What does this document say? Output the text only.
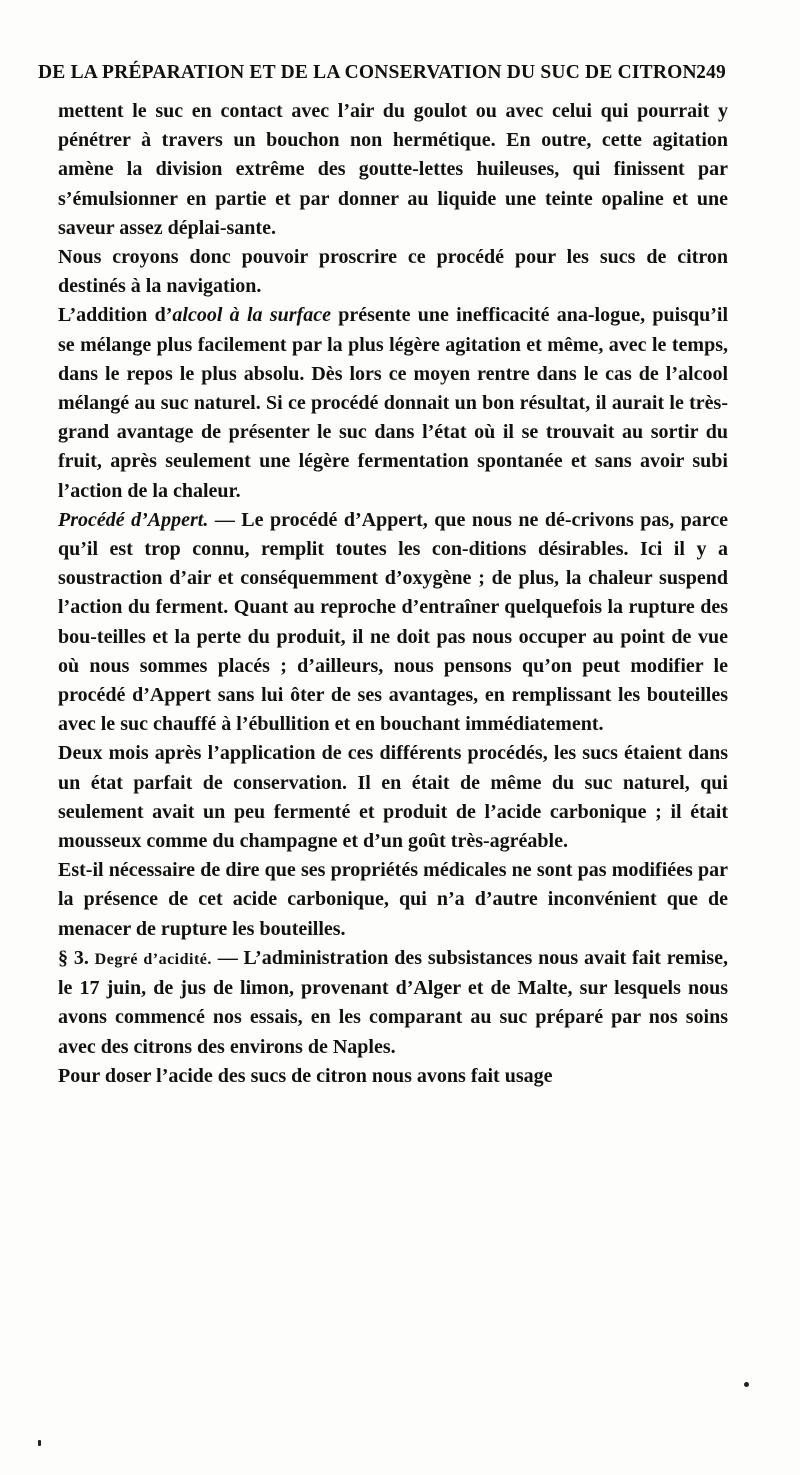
DE LA PRÉPARATION ET DE LA CONSERVATION DU SUC DE CITRON.
249

mettent le suc en contact avec l’air du goulot ou avec celui qui pourrait y pénétrer à travers un bouchon non hermétique. En outre, cette agitation amène la division extrême des goutte-lettes huileuses, qui finissent par s’émulsionner en partie et par donner au liquide une teinte opaline et une saveur assez déplai-sante.

Nous croyons donc pouvoir proscrire ce procédé pour les sucs de citron destinés à la navigation.

L’addition d’alcool à la surface présente une inefficacité ana-logue, puisqu’il se mélange plus facilement par la plus légère agitation et même, avec le temps, dans le repos le plus absolu. Dès lors ce moyen rentre dans le cas de l’alcool mélangé au suc naturel. Si ce procédé donnait un bon résultat, il aurait le très-grand avantage de présenter le suc dans l’état où il se trouvait au sortir du fruit, après seulement une légère fermentation spontanée et sans avoir subi l’action de la chaleur.

Procédé d’Appert. — Le procédé d’Appert, que nous ne dé-crivons pas, parce qu’il est trop connu, remplit toutes les con-ditions désirables. Ici il y a soustraction d’air et conséquemment d’oxygène ; de plus, la chaleur suspend l’action du ferment. Quant au reproche d’entraîner quelquefois la rupture des bou-teilles et la perte du produit, il ne doit pas nous occuper au point de vue où nous sommes placés ; d’ailleurs, nous pensons qu’on peut modifier le procédé d’Appert sans lui ôter de ses avantages, en remplissant les bouteilles avec le suc chauffé à l’ébullition et en bouchant immédiatement.

Deux mois après l’application de ces différents procédés, les sucs étaient dans un état parfait de conservation. Il en était de même du suc naturel, qui seulement avait un peu fermenté et produit de l’acide carbonique ; il était mousseux comme du champagne et d’un goût très-agréable.

Est-il nécessaire de dire que ses propriétés médicales ne sont pas modifiées par la présence de cet acide carbonique, qui n’a d’autre inconvénient que de menacer de rupture les bouteilles.

§ 3. Degré d’acidité. — L’administration des subsistances nous avait fait remise, le 17 juin, de jus de limon, provenant d’Alger et de Malte, sur lesquels nous avons commencé nos essais, en les comparant au suc préparé par nos soins avec des citrons des environs de Naples.

Pour doser l’acide des sucs de citron nous avons fait usage
